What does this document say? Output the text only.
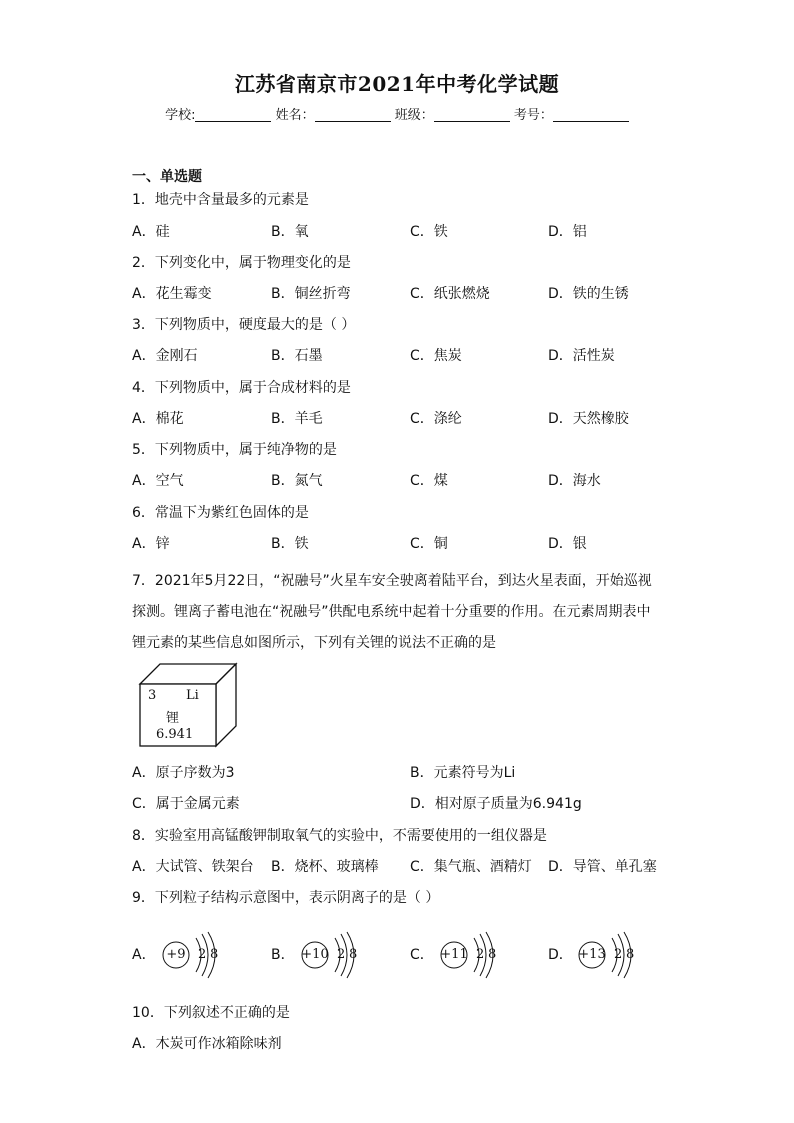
江苏省南京市2021年中考化学试题
学校:	姓名：	班级：	考号：
一、单选题
1．地壳中含量最多的元素是
A．硅	B．氧	C．铁	D．铝
2．下列变化中，属于物理变化的是
A．花生霉变	B．铜丝折弯	C．纸张燃烧	D．铁的生锈
3．下列物质中，硬度最大的是（ ）
A．金刚石	B．石墨	C．焦炭	D．活性炭
4．下列物质中，属于合成材料的是
A．棉花	B．羊毛	C．涤纶	D．天然橡胶
5．下列物质中，属于纯净物的是
A．空气	B．氮气	C．煤	D．海水
6．常温下为紫红色固体的是
A．锌	B．铁	C．铜	D．银
7．2021年5月22日，“祝融号”火星车安全驶离着陆平台，到达火星表面，开始巡视探测。锂离子蓄电池在“祝融号”供配电系统中起着十分重要的作用。在元素周期表中锂元素的某些信息如图所示，下列有关锂的说法不正确的是
3 Li
锂
6.941
A．原子序数为3	B．元素符号为Li
C．属于金属元素	D．相对原子质量为6.941g
8．实验室用高锰酸钾制取氧气的实验中，不需要使用的一组仪器是
A．大试管、铁架台 B．烧杯、玻璃棒 C．集气瓶、酒精灯 D．导管、单孔塞
9．下列粒子结构示意图中，表示阴离子的是（ ）
A． +9 2 8	B． +10 2 8	C． +11 2 8	D． +13 2 8
10．下列叙述不正确的是
A．木炭可作冰箱除味剂
